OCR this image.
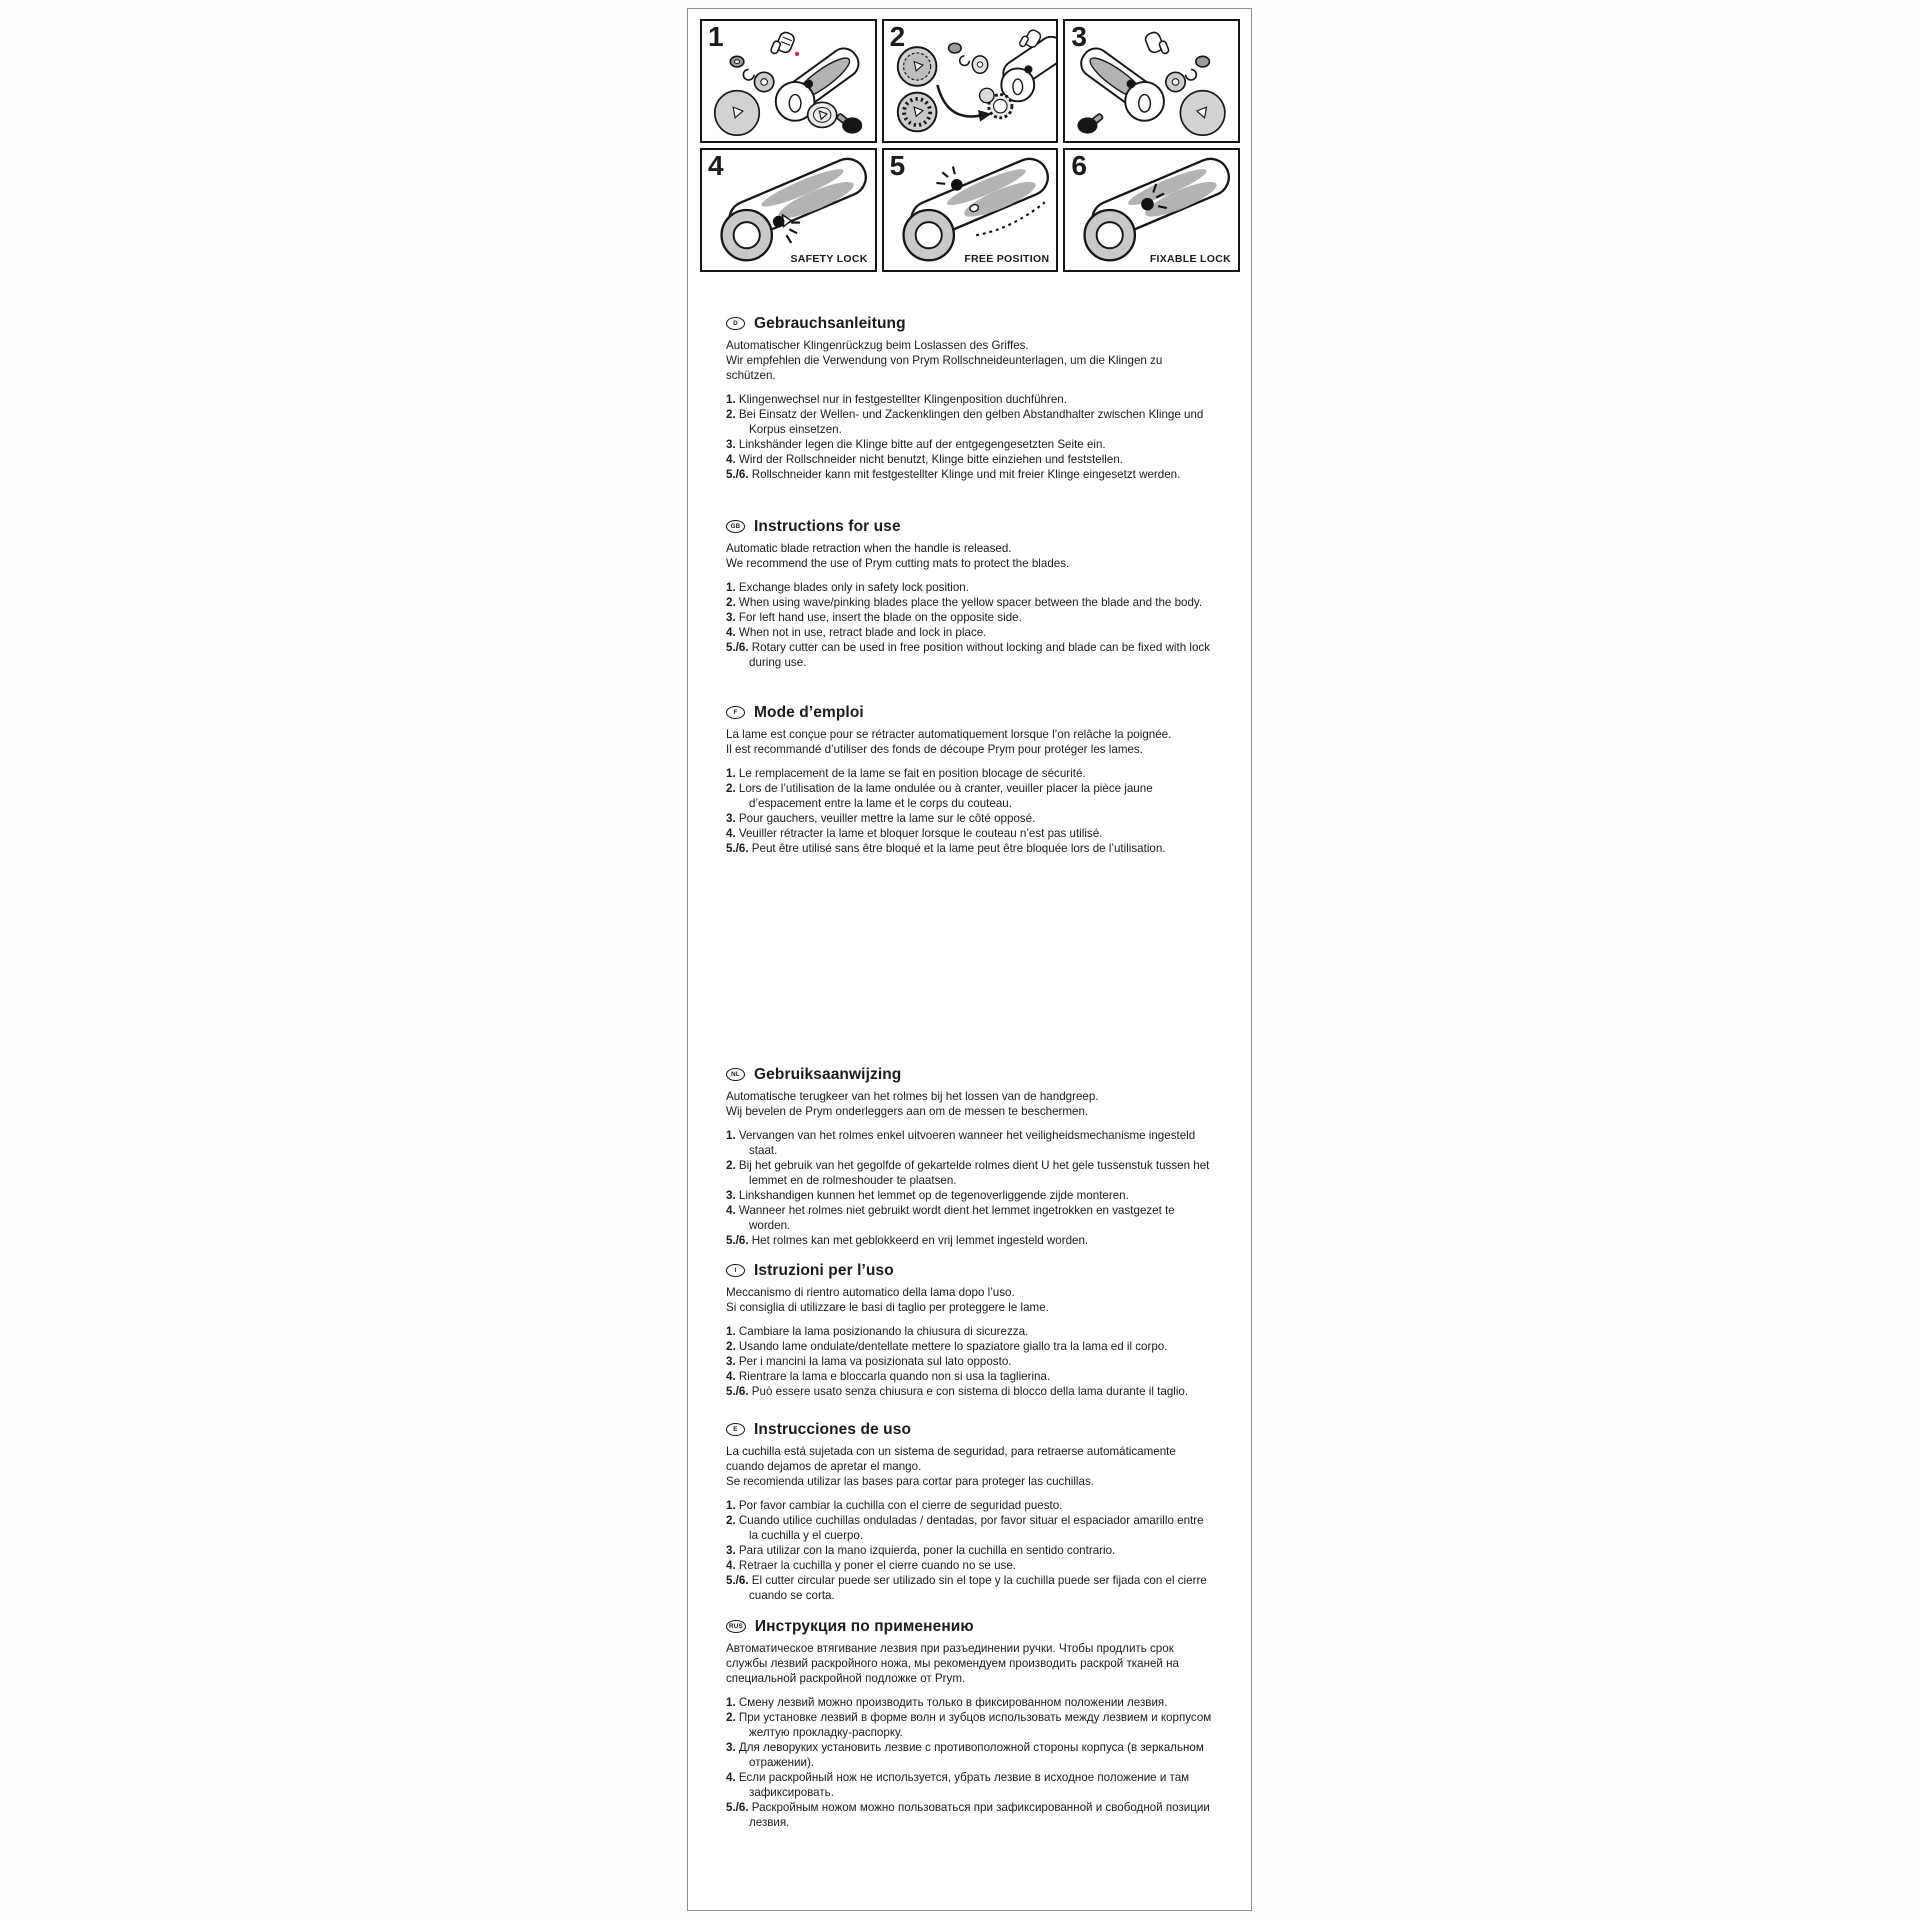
1	2	3
4
SAFETY LOCK
5
FREE POSITION
6
FIXABLE LOCK
D Gebrauchsanleitung

Automatischer Klingenrückzug beim Loslassen des Griffes.

Wir empfehlen die Verwendung von Prym Rollschneideunterlagen, um die Klingen zu schützen.

1. Klingenwechsel nur in festgestellter Klingenposition duchführen.
2. Bei Einsatz der Wellen- und Zackenklingen den gelben Abstandhalter zwischen Klinge und Korpus einsetzen.
3. Linkshänder legen die Klinge bitte auf der entgegengesetzten Seite ein.
4. Wird der Rollschneider nicht benutzt, Klinge bitte einziehen und feststellen.
5./6. Rollschneider kann mit festgestellter Klinge und mit freier Klinge eingesetzt werden.
GB Instructions for use

Automatic blade retraction when the handle is released.

We recommend the use of Prym cutting mats to protect the blades.

1. Exchange blades only in safety lock position.
2. When using wave/pinking blades place the yellow spacer between the blade and the body.
3. For left hand use, insert the blade on the opposite side.
4. When not in use, retract blade and lock in place.
5./6. Rotary cutter can be used in free position without locking and blade can be fixed with lock during use.
F Mode d’emploi

La lame est conçue pour se rétracter automatiquement lorsque l’on relâche la poignée.

Il est recommandé d’utiliser des fonds de découpe Prym pour protéger les lames.

1. Le remplacement de la lame se fait en position blocage de sécurité.
2. Lors de l’utilisation de la lame ondulée ou à cranter, veuiller placer la pièce jaune d’espacement entre la lame et le corps du couteau.
3. Pour gauchers, veuiller mettre la lame sur le côté opposé.
4. Veuiller rétracter la lame et bloquer lorsque le couteau n’est pas utilisé.
5./6. Peut être utilisé sans être bloqué et la lame peut être bloquée lors de l’utilisation.
NL Gebruiksaanwijzing

Automatische terugkeer van het rolmes bij het lossen van de handgreep.

Wij bevelen de Prym onderleggers aan om de messen te beschermen.

1. Vervangen van het rolmes enkel uitvoeren wanneer het veiligheidsmechanisme ingesteld staat.
2. Bij het gebruik van het gegolfde of gekartelde rolmes dient U het gele tussenstuk tussen het lemmet en de rolmeshouder te plaatsen.
3. Linkshandigen kunnen het lemmet op de tegenoverliggende zijde monteren.
4. Wanneer het rolmes niet gebruikt wordt dient het lemmet ingetrokken en vastgezet te worden.
5./6. Het rolmes kan met geblokkeerd en vrij lemmet ingesteld worden.
I Istruzioni per l’uso

Meccanismo di rientro automatico della lama dopo l’uso.

Si consiglia di utilizzare le basi di taglio per proteggere le lame.

1. Cambiare la lama posizionando la chiusura di sicurezza.
2. Usando lame ondulate/dentellate mettere lo spaziatore giallo tra la lama ed il corpo.
3. Per i mancini la lama va posizionata sul lato opposto.
4. Rientrare la lama e bloccarla quando non si usa la taglierina.
5./6. Può essere usato senza chiusura e con sistema di blocco della lama durante il taglio.
E Instrucciones de uso

La cuchilla está sujetada con un sistema de seguridad, para retraerse automáticamente cuando dejamos de apretar el mango.

Se recomienda utilizar las bases para cortar para proteger las cuchillas.

1. Por favor cambiar la cuchilla con el cierre de seguridad puesto.
2. Cuando utilice cuchillas onduladas / dentadas, por favor situar el espaciador amarillo entre la cuchilla y el cuerpo.
3. Para utilizar con la mano izquierda, poner la cuchilla en sentido contrario.
4. Retraer la cuchilla y poner el cierre cuando no se use.
5./6. El cutter circular puede ser utilizado sin el tope y la cuchilla puede ser fijada con el cierre cuando se corta.
RUS Инструкция по применению

Автоматическое втягивание лезвия при разъединении ручки. Чтобы продлить срок службы лезвий раскройного ножа, мы рекомендуем производить раскрой тканей на специальной раскройной подложке от Prym.

1. Смену лезвий можно производить только в фиксированном положении лезвия.
2. При установке лезвий в форме волн и зубцов использовать между лезвием и корпусом желтую прокладку-распорку.
3. Для леворуких установить лезвие с противоположной стороны корпуса (в зеркальном отражении).
4. Если раскройный нож не используется, убрать лезвие в исходное положение и там зафиксировать.
5./6. Раскройным ножом можно пользоваться при зафиксированной и свободной позиции лезвия.
